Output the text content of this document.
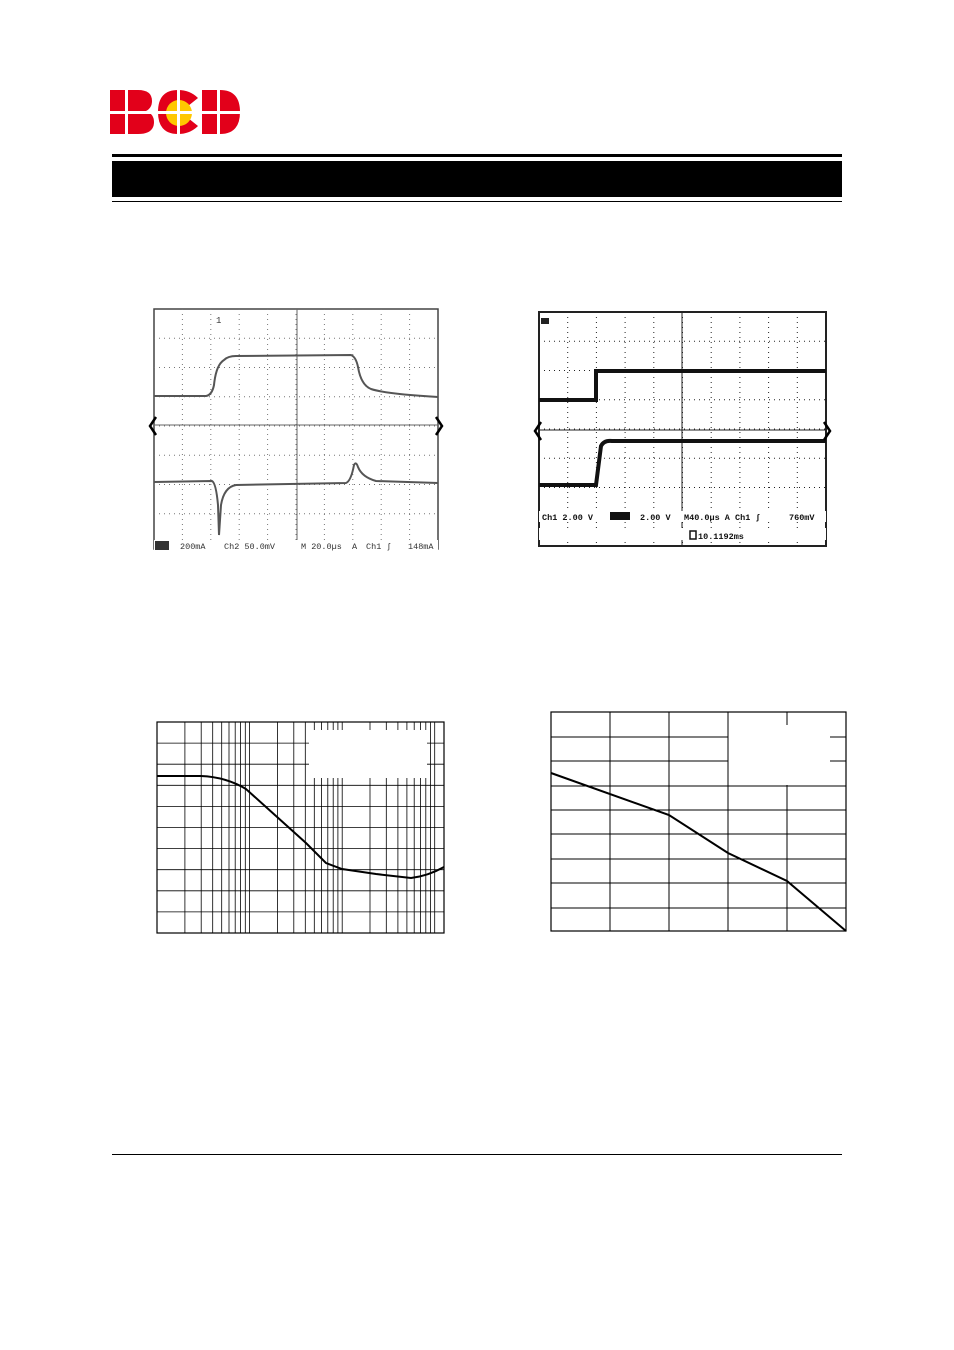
1
200mA Ch2 50.0mV	M 20.0µs A Ch1 ʃ 148mA
Ch1 2.00 V	2.00 V M40.0µs A Ch1 ʃ	760mV
10.1192ms
